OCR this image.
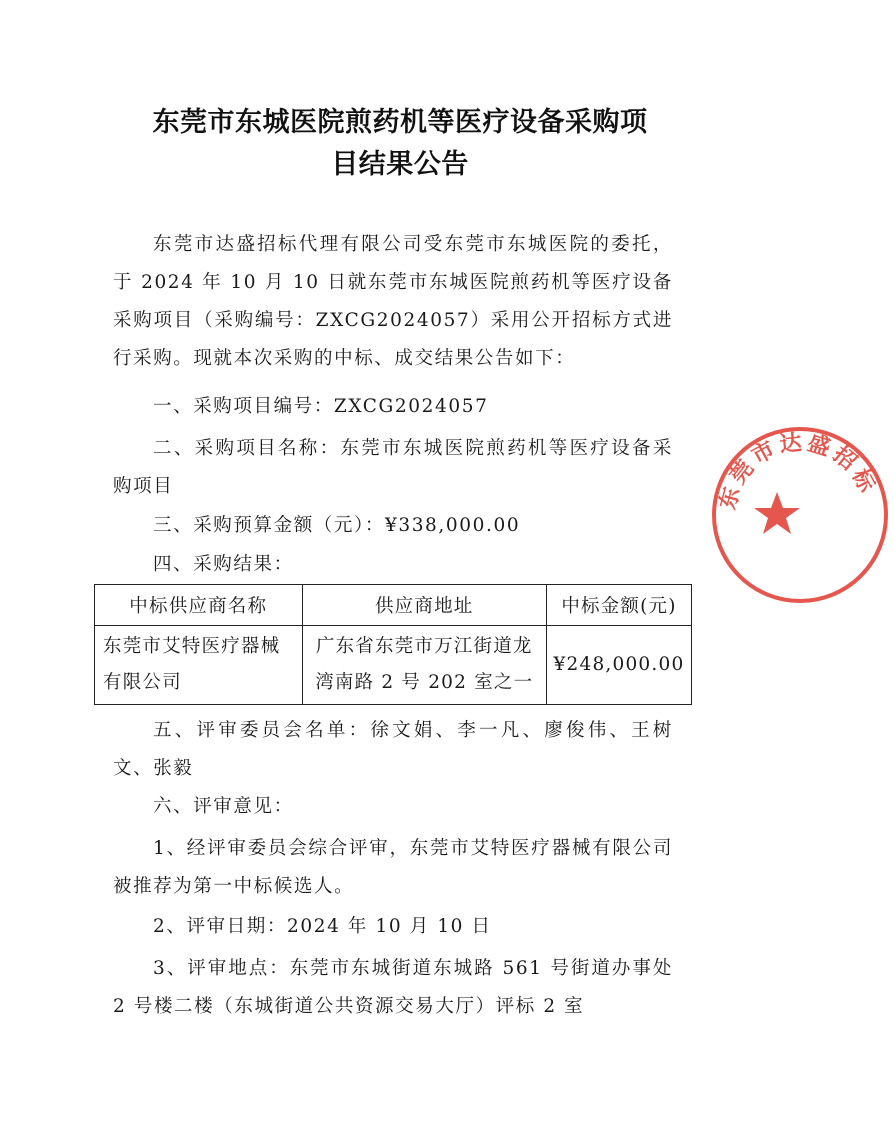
东莞市东城医院煎药机等医疗设备采购项
目结果公告
东莞市达盛招标代理有限公司受东莞市东城医院的委托，于 2024 年 10 月 10 日就东莞市东城医院煎药机等医疗设备采购项目（采购编号：ZXCG2024057）采用公开招标方式进行采购。现就本次采购的中标、成交结果公告如下：
一、采购项目编号：ZXCG2024057
二、采购项目名称：东莞市东城医院煎药机等医疗设备采购项目
三、采购预算金额（元）：¥338,000.00
四、采购结果：
中标供应商名称	供应商地址	中标金额(元)
东莞市艾特医疗器械有限公司	广东省东莞市万江街道龙湾南路 2 号 202 室之一	¥248,000.00
五、评审委员会名单：徐文娟、李一凡、廖俊伟、王树文、张毅
六、评审意见：
1、经评审委员会综合评审，东莞市艾特医疗器械有限公司被推荐为第一中标候选人。
2、评审日期：2024 年 10 月 10 日
3、评审地点：东莞市东城街道东城路 561 号街道办事处 2 号楼二楼（东城街道公共资源交易大厅）评标 2 室
东莞市达盛招标
